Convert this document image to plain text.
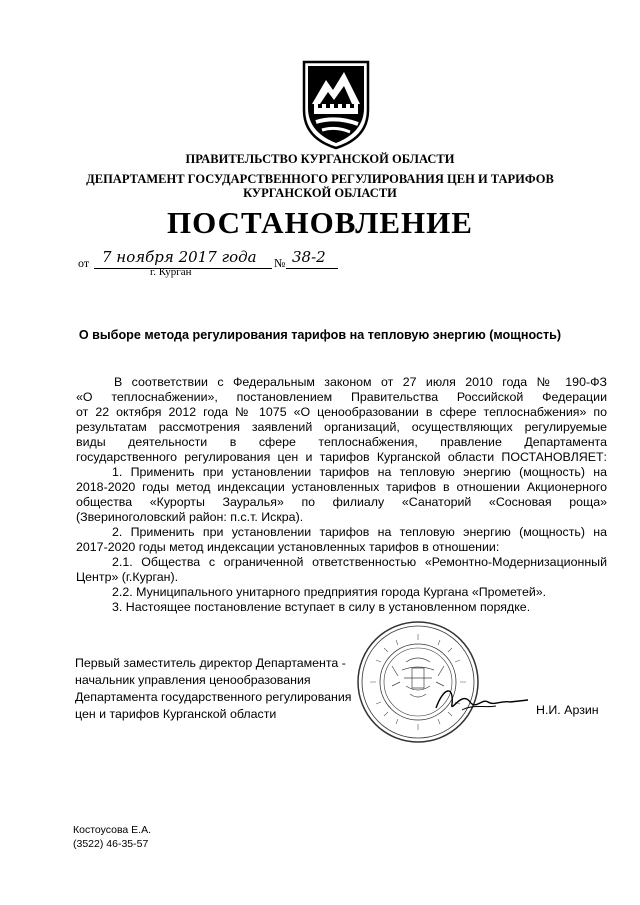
ПРАВИТЕЛЬСТВО КУРГАНСКОЙ ОБЛАСТИ
ДЕПАРТАМЕНТ ГОСУДАРСТВЕННОГО РЕГУЛИРОВАНИЯ ЦЕН И ТАРИФОВ
КУРГАНСКОЙ ОБЛАСТИ
ПОСТАНОВЛЕНИЕ
от 7 ноября 2017 года № 38-2
г. Курган
О выборе метода регулирования тарифов на тепловую энергию (мощность)
В соответствии с Федеральным законом от 27 июля 2010 года № 190-ФЗ
«О теплоснабжении», постановлением Правительства Российской Федерации
от 22 октября 2012 года № 1075 «О ценообразовании в сфере теплоснабжения» по
результатам рассмотрения заявлений организаций, осуществляющих регулируемые
виды деятельности в сфере теплоснабжения, правление Департамента
государственного регулирования цен и тарифов Курганской области ПОСТАНОВЛЯЕТ:
1. Применить при установлении тарифов на тепловую энергию (мощность) на
2018-2020 годы метод индексации установленных тарифов в отношении Акционерного
общества «Курорты Зауралья» по филиалу «Санаторий «Сосновая роща»
(Звериноголовский район: п.с.т. Искра).
2. Применить при установлении тарифов на тепловую энергию (мощность) на
2017-2020 годы метод индексации установленных тарифов в отношении:
2.1. Общества с ограниченной ответственностью «Ремонтно-Модернизационный
Центр» (г.Курган).
2.2. Муниципального унитарного предприятия города Кургана «Прометей».
3. Настоящее постановление вступает в силу в установленном порядке.
Первый заместитель директор Департамента -
начальник управления ценообразования
Департамента государственного регулирования
цен и тарифов Курганской области	Н.И. Арзин
Костоусова Е.А.
(3522) 46-35-57
